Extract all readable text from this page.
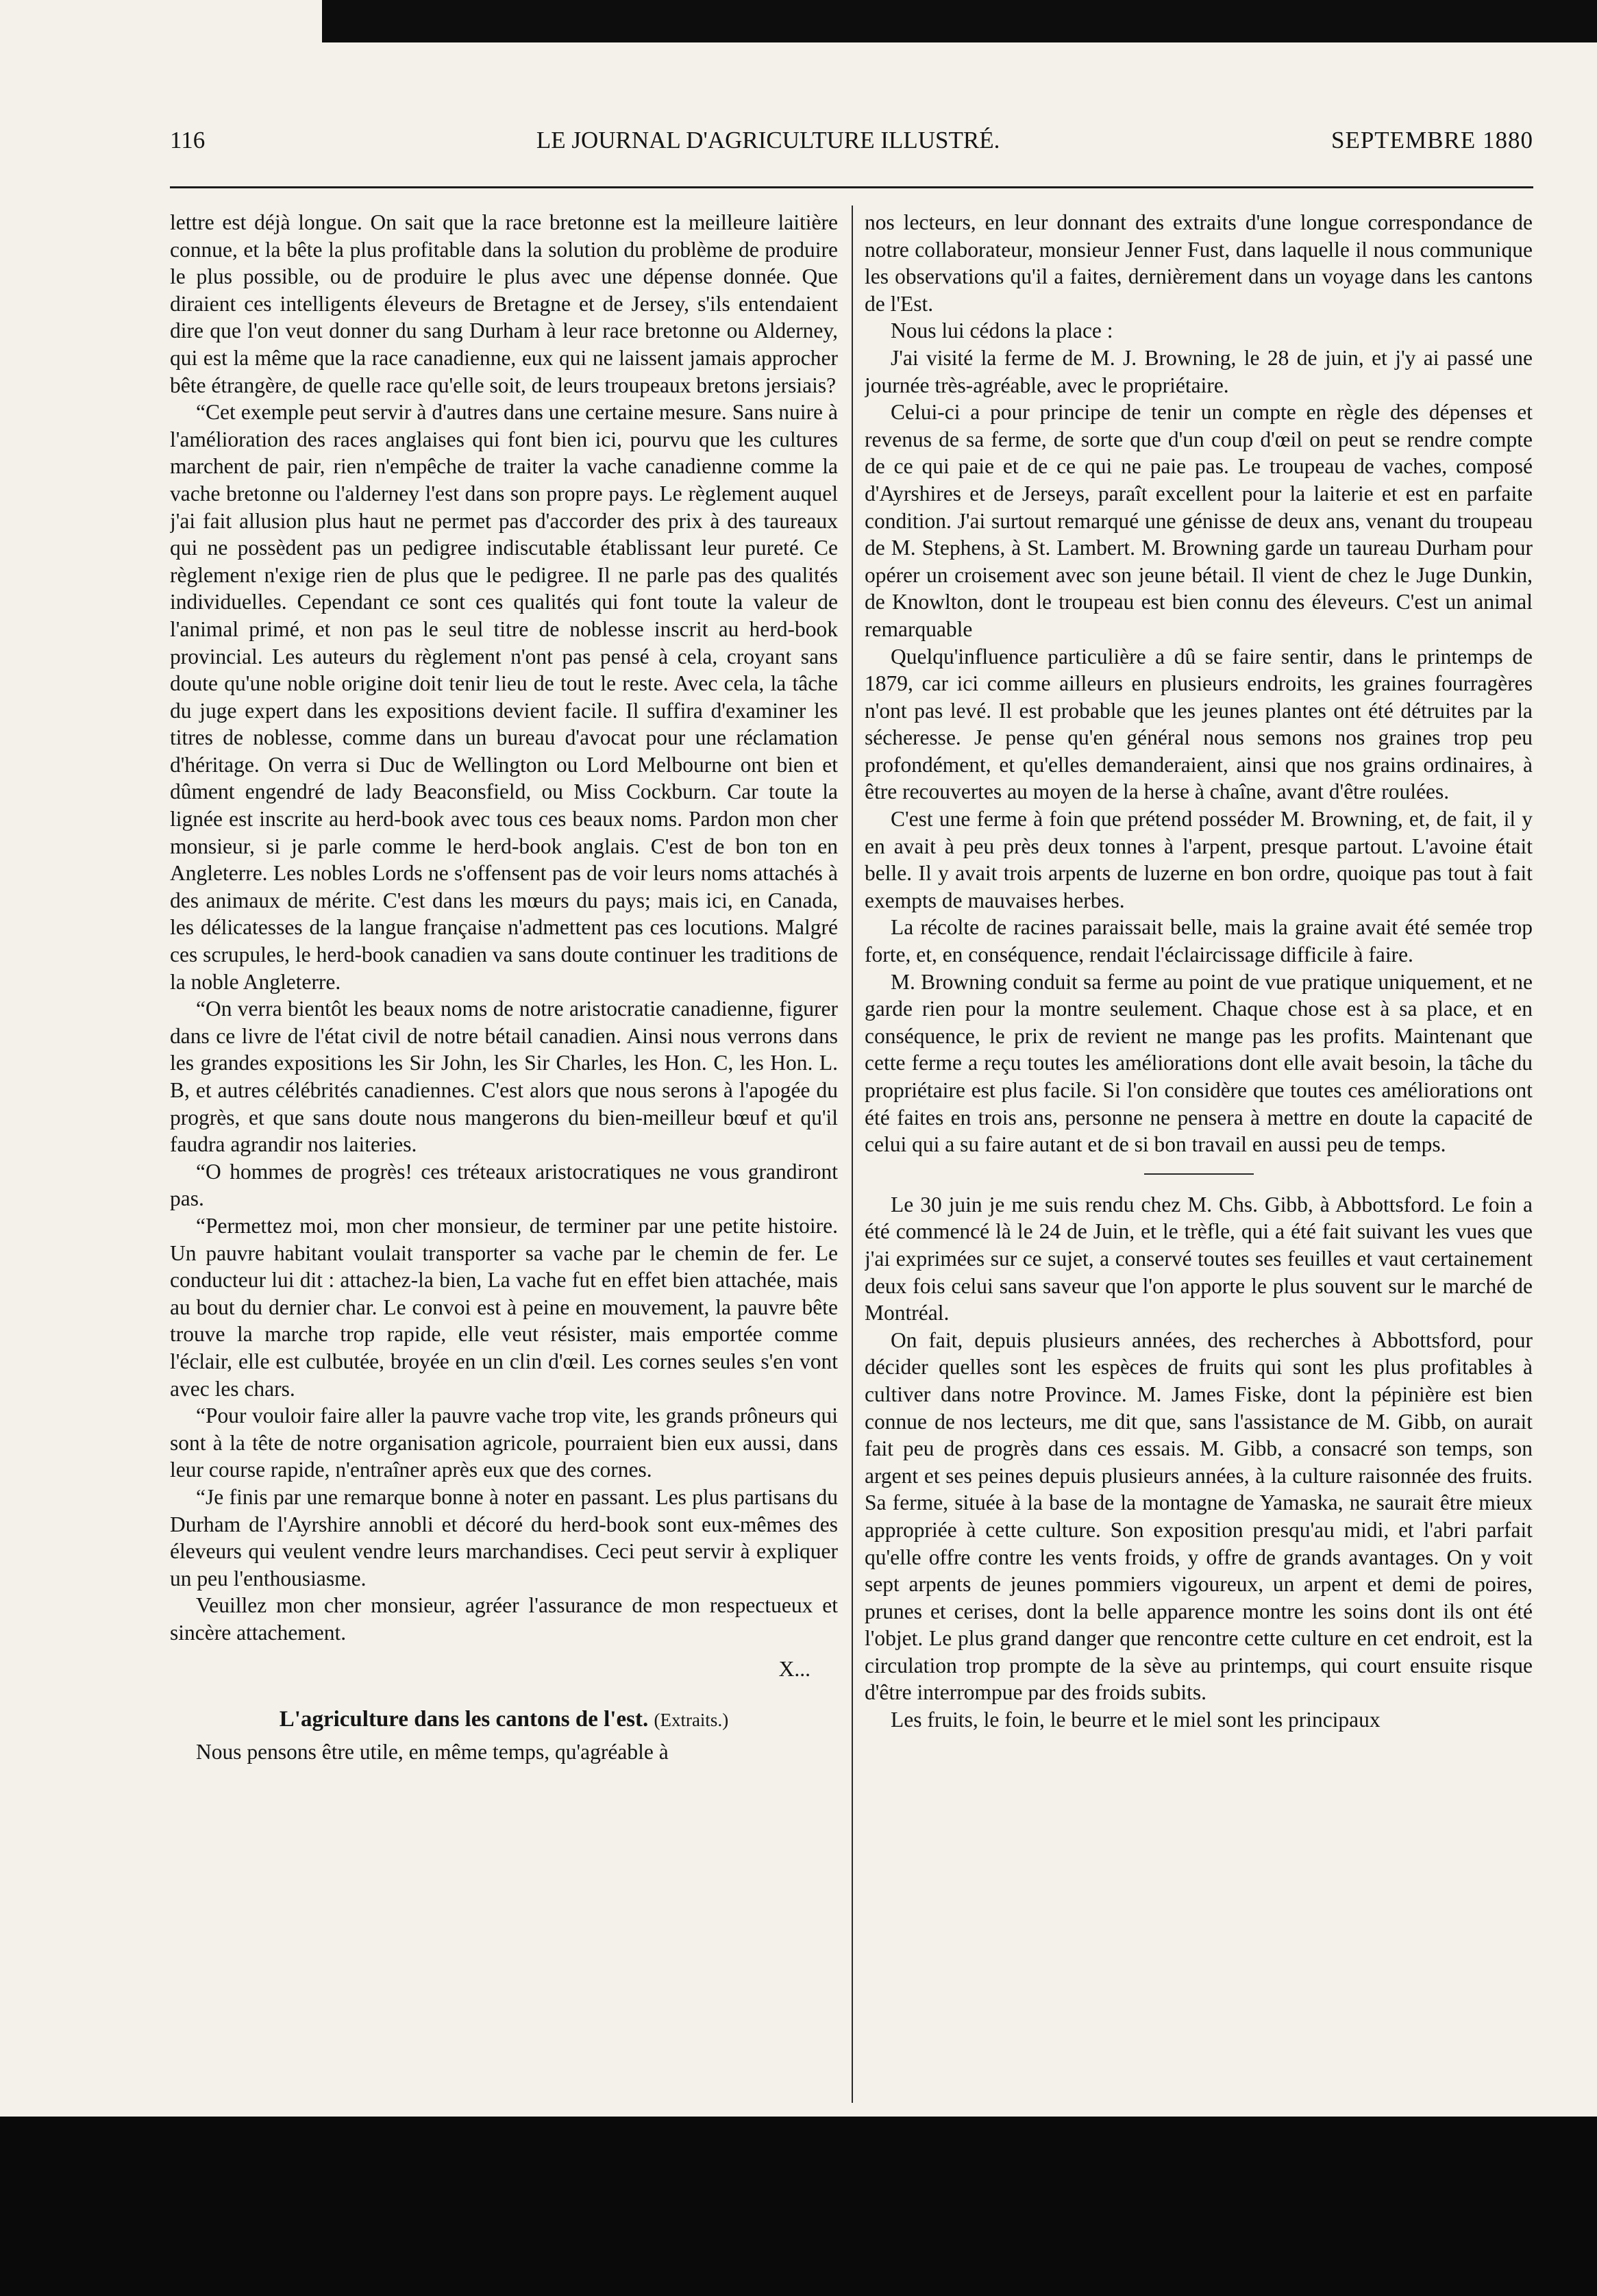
116	LE JOURNAL D'AGRICULTURE ILLUSTRÉ.	SEPTEMBRE 1880

lettre est déjà longue. On sait que la race bretonne est la meilleure laitière connue, et la bête la plus profitable dans la solution du problème de produire le plus possible, ou de produire le plus avec une dépense donnée. Que diraient ces intelligents éleveurs de Bretagne et de Jersey, s'ils entendaient dire que l'on veut donner du sang Durham à leur race bretonne ou Alderney, qui est la même que la race canadienne, eux qui ne laissent jamais approcher bête étrangère, de quelle race qu'elle soit, de leurs troupeaux bretons jersiais?

“Cet exemple peut servir à d'autres dans une certaine mesure. Sans nuire à l'amélioration des races anglaises qui font bien ici, pourvu que les cultures marchent de pair, rien n'empêche de traiter la vache canadienne comme la vache bretonne ou l'alderney l'est dans son propre pays. Le règlement auquel j'ai fait allusion plus haut ne permet pas d'accorder des prix à des taureaux qui ne possèdent pas un pedigree indiscutable établissant leur pureté. Ce règlement n'exige rien de plus que le pedigree. Il ne parle pas des qualités individuelles. Cependant ce sont ces qualités qui font toute la valeur de l'animal primé, et non pas le seul titre de noblesse inscrit au herd-book provincial. Les auteurs du règlement n'ont pas pensé à cela, croyant sans doute qu'une noble origine doit tenir lieu de tout le reste. Avec cela, la tâche du juge expert dans les expositions devient facile. Il suffira d'examiner les titres de noblesse, comme dans un bureau d'avocat pour une réclamation d'héritage. On verra si Duc de Wellington ou Lord Melbourne ont bien et dûment engendré de lady Beaconsfield, ou Miss Cockburn. Car toute la lignée est inscrite au herd-book avec tous ces beaux noms. Pardon mon cher monsieur, si je parle comme le herd-book anglais. C'est de bon ton en Angleterre. Les nobles Lords ne s'offensent pas de voir leurs noms attachés à des animaux de mérite. C'est dans les mœurs du pays; mais ici, en Canada, les délicatesses de la langue française n'admettent pas ces locutions. Malgré ces scrupules, le herd-book canadien va sans doute continuer les traditions de la noble Angleterre.

“On verra bientôt les beaux noms de notre aristocratie canadienne, figurer dans ce livre de l'état civil de notre bétail canadien. Ainsi nous verrons dans les grandes expositions les Sir John, les Sir Charles, les Hon. C, les Hon. L. B, et autres célébrités canadiennes. C'est alors que nous serons à l'apogée du progrès, et que sans doute nous mangerons du bien-meilleur bœuf et qu'il faudra agrandir nos laiteries.

“O hommes de progrès! ces tréteaux aristocratiques ne vous grandiront pas.

“Permettez moi, mon cher monsieur, de terminer par une petite histoire. Un pauvre habitant voulait transporter sa vache par le chemin de fer. Le conducteur lui dit : attachez-la bien, La vache fut en effet bien attachée, mais au bout du dernier char. Le convoi est à peine en mouvement, la pauvre bête trouve la marche trop rapide, elle veut résister, mais emportée comme l'éclair, elle est culbutée, broyée en un clin d'œil. Les cornes seules s'en vont avec les chars.

“Pour vouloir faire aller la pauvre vache trop vite, les grands prôneurs qui sont à la tête de notre organisation agricole, pourraient bien eux aussi, dans leur course rapide, n'entraîner après eux que des cornes.

“Je finis par une remarque bonne à noter en passant. Les plus partisans du Durham de l'Ayrshire annobli et décoré du herd-book sont eux-mêmes des éleveurs qui veulent vendre leurs marchandises. Ceci peut servir à expliquer un peu l'enthousiasme.

Veuillez mon cher monsieur, agréer l'assurance de mon respectueux et sincère attachement.

X...

L'agriculture dans les cantons de l'est. (Extraits.)

Nous pensons être utile, en même temps, qu'agréable à

nos lecteurs, en leur donnant des extraits d'une longue correspondance de notre collaborateur, monsieur Jenner Fust, dans laquelle il nous communique les observations qu'il a faites, dernièrement dans un voyage dans les cantons de l'Est.

Nous lui cédons la place :

J'ai visité la ferme de M. J. Browning, le 28 de juin, et j'y ai passé une journée très-agréable, avec le propriétaire.

Celui-ci a pour principe de tenir un compte en règle des dépenses et revenus de sa ferme, de sorte que d'un coup d'œil on peut se rendre compte de ce qui paie et de ce qui ne paie pas. Le troupeau de vaches, composé d'Ayrshires et de Jerseys, paraît excellent pour la laiterie et est en parfaite condition. J'ai surtout remarqué une génisse de deux ans, venant du troupeau de M. Stephens, à St. Lambert. M. Browning garde un taureau Durham pour opérer un croisement avec son jeune bétail. Il vient de chez le Juge Dunkin, de Knowlton, dont le troupeau est bien connu des éleveurs. C'est un animal remarquable

Quelqu'influence particulière a dû se faire sentir, dans le printemps de 1879, car ici comme ailleurs en plusieurs endroits, les graines fourragères n'ont pas levé. Il est probable que les jeunes plantes ont été détruites par la sécheresse. Je pense qu'en général nous semons nos graines trop peu profondément, et qu'elles demanderaient, ainsi que nos grains ordinaires, à être recouvertes au moyen de la herse à chaîne, avant d'être roulées.

C'est une ferme à foin que prétend posséder M. Browning, et, de fait, il y en avait à peu près deux tonnes à l'arpent, presque partout. L'avoine était belle. Il y avait trois arpents de luzerne en bon ordre, quoique pas tout à fait exempts de mauvaises herbes.

La récolte de racines paraissait belle, mais la graine avait été semée trop forte, et, en conséquence, rendait l'éclaircissage difficile à faire.

M. Browning conduit sa ferme au point de vue pratique uniquement, et ne garde rien pour la montre seulement. Chaque chose est à sa place, et en conséquence, le prix de revient ne mange pas les profits. Maintenant que cette ferme a reçu toutes les améliorations dont elle avait besoin, la tâche du propriétaire est plus facile. Si l'on considère que toutes ces améliorations ont été faites en trois ans, personne ne pensera à mettre en doute la capacité de celui qui a su faire autant et de si bon travail en aussi peu de temps.

Le 30 juin je me suis rendu chez M. Chs. Gibb, à Abbottsford. Le foin a été commencé là le 24 de Juin, et le trèfle, qui a été fait suivant les vues que j'ai exprimées sur ce sujet, a conservé toutes ses feuilles et vaut certainement deux fois celui sans saveur que l'on apporte le plus souvent sur le marché de Montréal.

On fait, depuis plusieurs années, des recherches à Abbottsford, pour décider quelles sont les espèces de fruits qui sont les plus profitables à cultiver dans notre Province. M. James Fiske, dont la pépinière est bien connue de nos lecteurs, me dit que, sans l'assistance de M. Gibb, on aurait fait peu de progrès dans ces essais. M. Gibb, a consacré son temps, son argent et ses peines depuis plusieurs années, à la culture raisonnée des fruits. Sa ferme, située à la base de la montagne de Yamaska, ne saurait être mieux appropriée à cette culture. Son exposition presqu'au midi, et l'abri parfait qu'elle offre contre les vents froids, y offre de grands avantages. On y voit sept arpents de jeunes pommiers vigoureux, un arpent et demi de poires, prunes et cerises, dont la belle apparence montre les soins dont ils ont été l'objet. Le plus grand danger que rencontre cette culture en cet endroit, est la circulation trop prompte de la sève au printemps, qui court ensuite risque d'être interrompue par des froids subits.

Les fruits, le foin, le beurre et le miel sont les principaux
